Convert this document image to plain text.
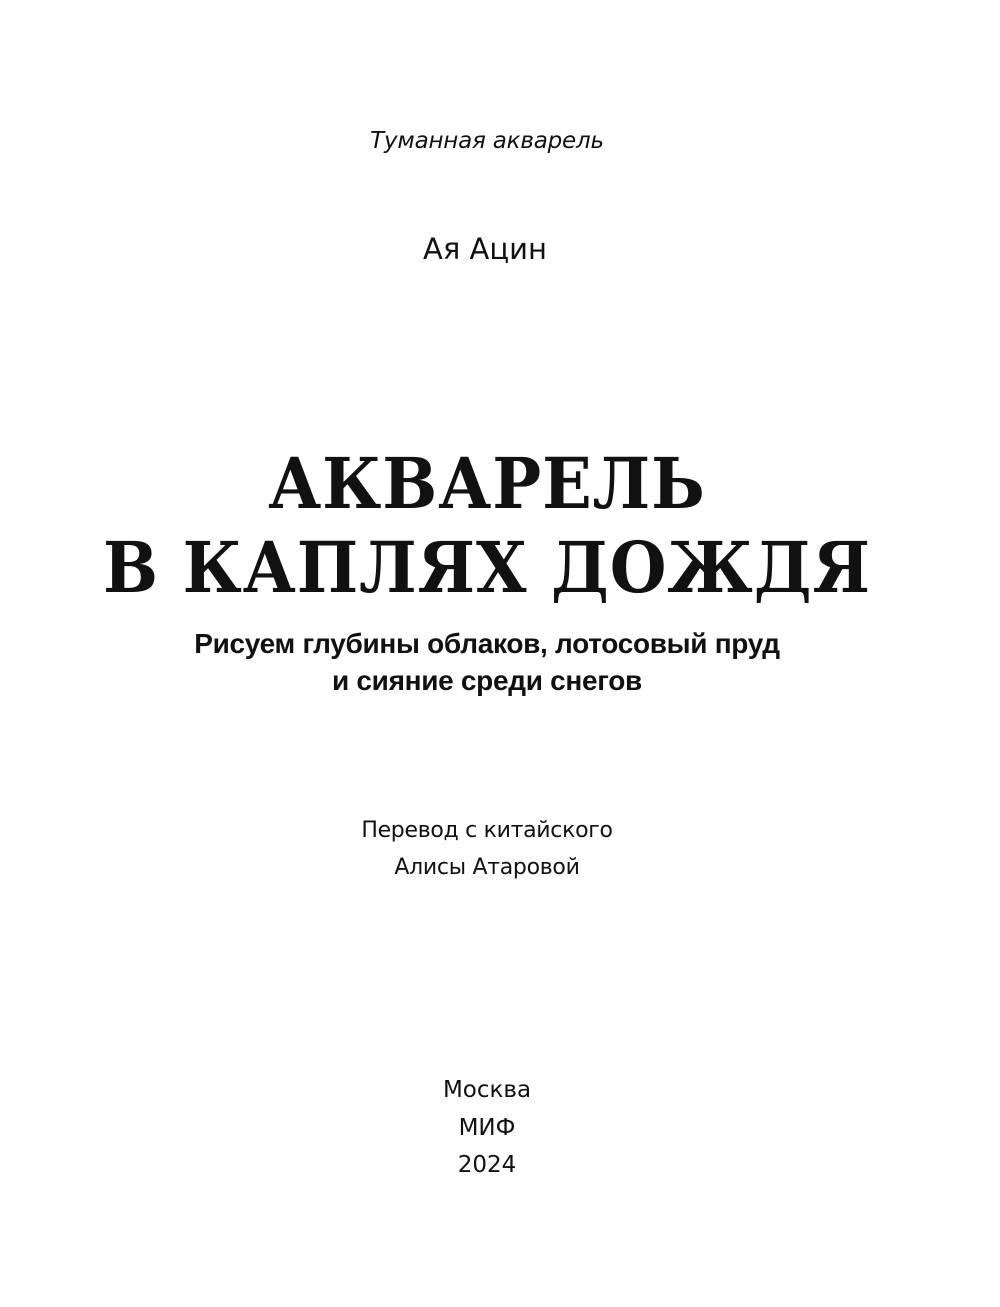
Туманная акварель
Ая Ацин
АКВАРЕЛЬ
В КАПЛЯХ ДОЖДЯ
Рисуем глубины облаков, лотосовый пруд
и сияние среди снегов
Перевод с китайского
Алисы Атаровой
Москва
МИФ
2024
